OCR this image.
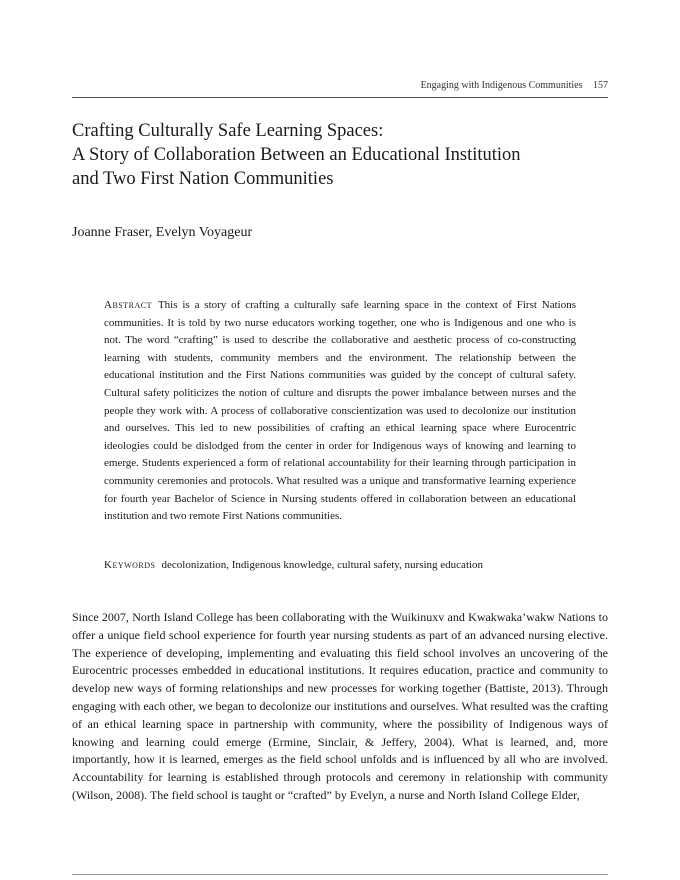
Engaging with Indigenous Communities 157
Crafting Culturally Safe Learning Spaces:
A Story of Collaboration Between an Educational Institution
and Two First Nation Communities
Joanne Fraser, Evelyn Voyageur

Abstract This is a story of crafting a culturally safe learning space in the context of First Nations communities. It is told by two nurse educators working together, one who is Indigenous and one who is not. The word “crafting” is used to describe the collaborative and aesthetic process of co-constructing learning with students, community members and the environment. The relationship between the educational institution and the First Nations communities was guided by the concept of cultural safety. Cultural safety politicizes the notion of culture and disrupts the power imbalance between nurses and the people they work with. A process of collaborative conscientization was used to decolonize our institution and ourselves. This led to new possibilities of crafting an ethical learning space where Eurocentric ideologies could be dislodged from the center in order for Indigenous ways of knowing and learning to emerge. Students experienced a form of relational accountability for their learning through participation in community ceremonies and protocols. What resulted was a unique and transformative learning experience for fourth year Bachelor of Science in Nursing students offered in collaboration between an educational institution and two remote First Nations communities.

Keywords decolonization, Indigenous knowledge, cultural safety, nursing education

Since 2007, North Island College has been collaborating with the Wuikinuxv and Kwakwaka’wakw Nations to offer a unique field school experience for fourth year nursing students as part of an advanced nursing elective. The experience of developing, implementing and evaluating this field school involves an uncovering of the Eurocentric processes embedded in educational institutions. It requires education, practice and community to develop new ways of forming relationships and new processes for working together (Battiste, 2013). Through engaging with each other, we began to decolonize our institutions and ourselves. What resulted was the crafting of an ethical learning space in partnership with community, where the possibility of Indigenous ways of knowing and learning could emerge (Ermine, Sinclair, & Jeffery, 2004). What is learned, and, more importantly, how it is learned, emerges as the field school unfolds and is influenced by all who are involved. Accountability for learning is established through protocols and ceremony in relationship with community (Wilson, 2008). The field school is taught or “crafted” by Evelyn, a nurse and North Island College Elder,
